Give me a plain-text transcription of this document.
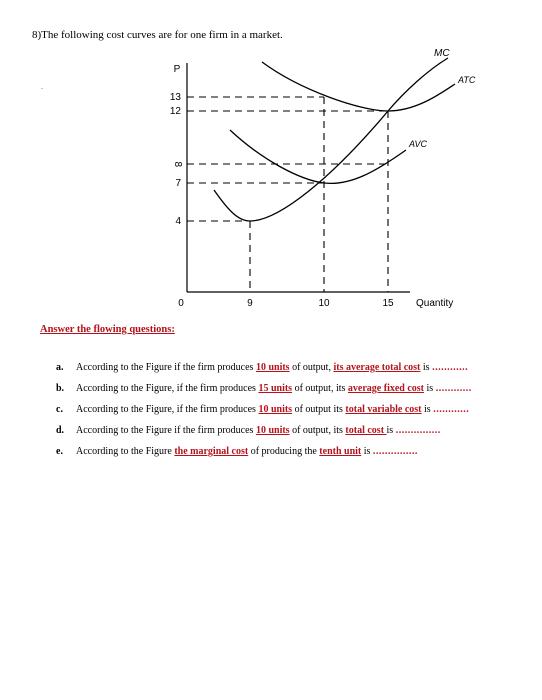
8)The following cost curves are for one firm in a market.
.
P
13
12
8
7
4
0	6	10	15 Quantity
MC
ATC
AVC
Answer the flowing questions:
a. According to the Figure if the firm produces 10 units of output, its average total cost is ............
b. According to the Figure, if the firm produces 15 units of output, its average fixed cost is ............
c. According to the Figure, if the firm produces 10 units of output its total variable cost is ............
d. According to the Figure if the firm produces 10 units of output, its total cost is ...............
e. According to the Figure the marginal cost of producing the tenth unit is ...............
